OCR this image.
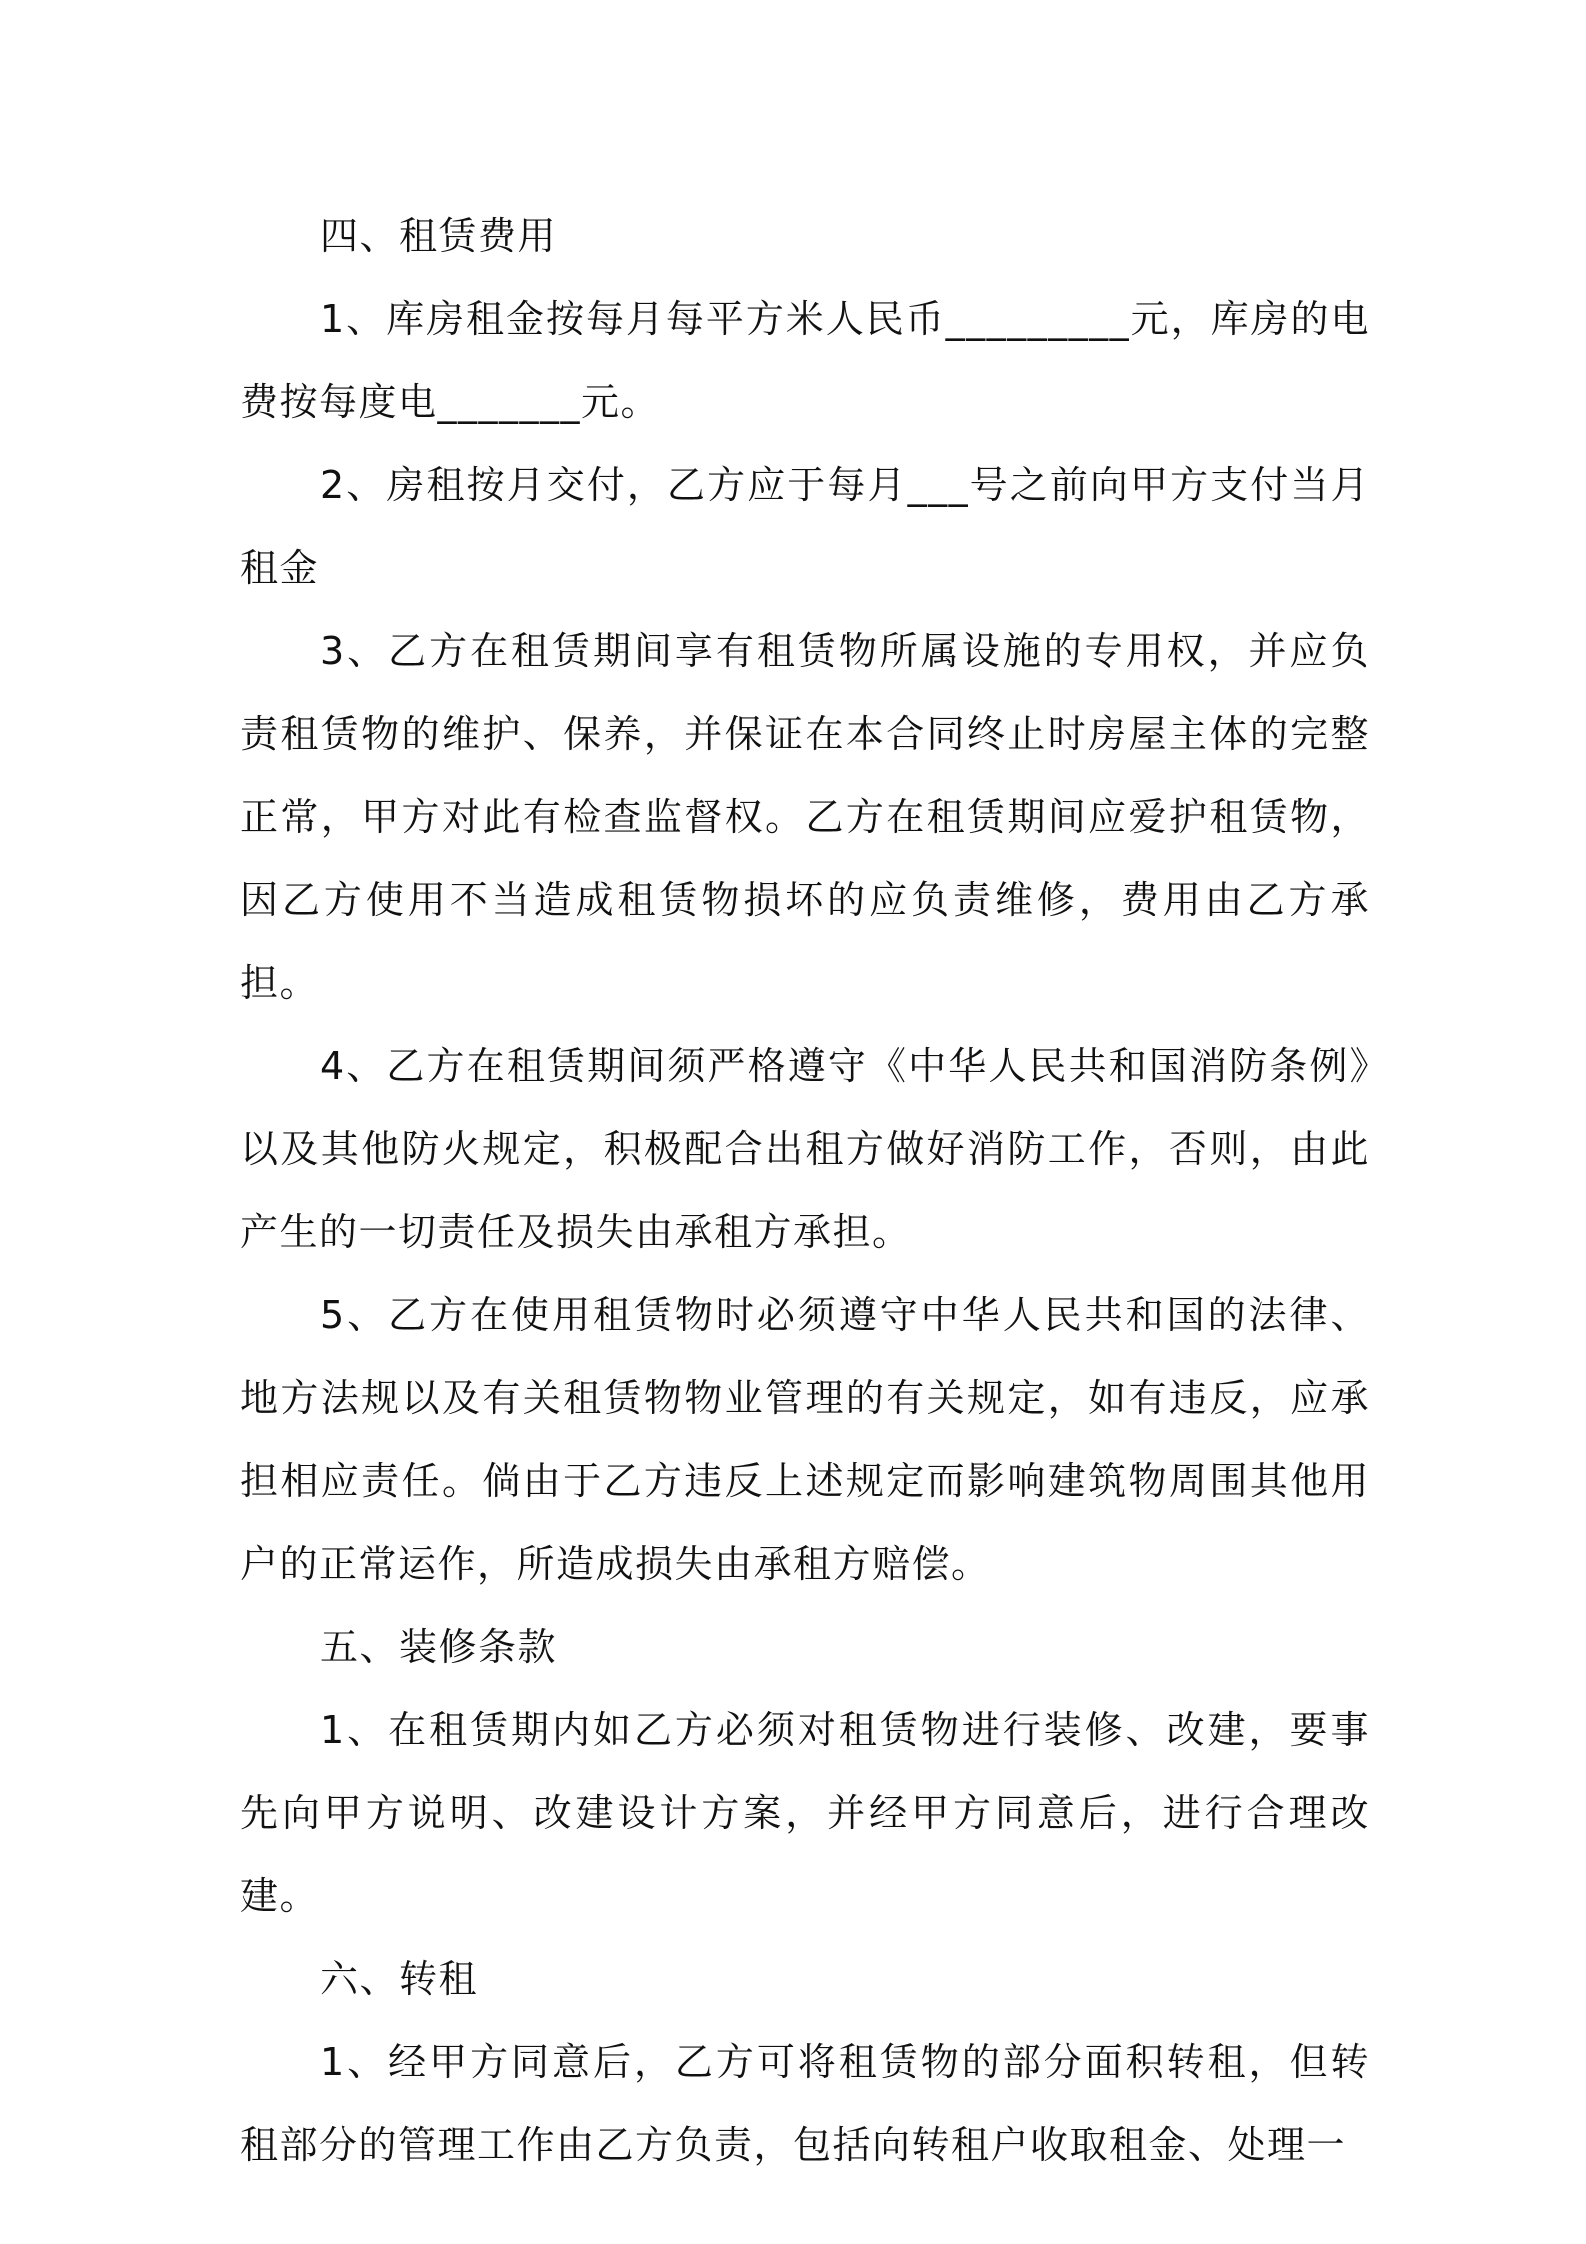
四、租赁费用

1、库房租金按每月每平方米人民币_________元，库房的电费按每度电_______元。

2、房租按月交付，乙方应于每月___号之前向甲方支付当月租金

3、乙方在租赁期间享有租赁物所属设施的专用权，并应负责租赁物的维护、保养，并保证在本合同终止时房屋主体的完整正常，甲方对此有检查监督权。乙方在租赁期间应爱护租赁物，因乙方使用不当造成租赁物损坏的应负责维修，费用由乙方承担。

4、乙方在租赁期间须严格遵守《中华人民共和国消防条例》以及其他防火规定，积极配合出租方做好消防工作，否则，由此产生的一切责任及损失由承租方承担。

5、乙方在使用租赁物时必须遵守中华人民共和国的法律、地方法规以及有关租赁物物业管理的有关规定，如有违反，应承担相应责任。倘由于乙方违反上述规定而影响建筑物周围其他用户的正常运作，所造成损失由承租方赔偿。

五、装修条款

1、在租赁期内如乙方必须对租赁物进行装修、改建，要事先向甲方说明、改建设计方案，并经甲方同意后，进行合理改建。

六、转租

1、经甲方同意后，乙方可将租赁物的部分面积转租，但转租部分的管理工作由乙方负责，包括向转租户收取租金、处理一
